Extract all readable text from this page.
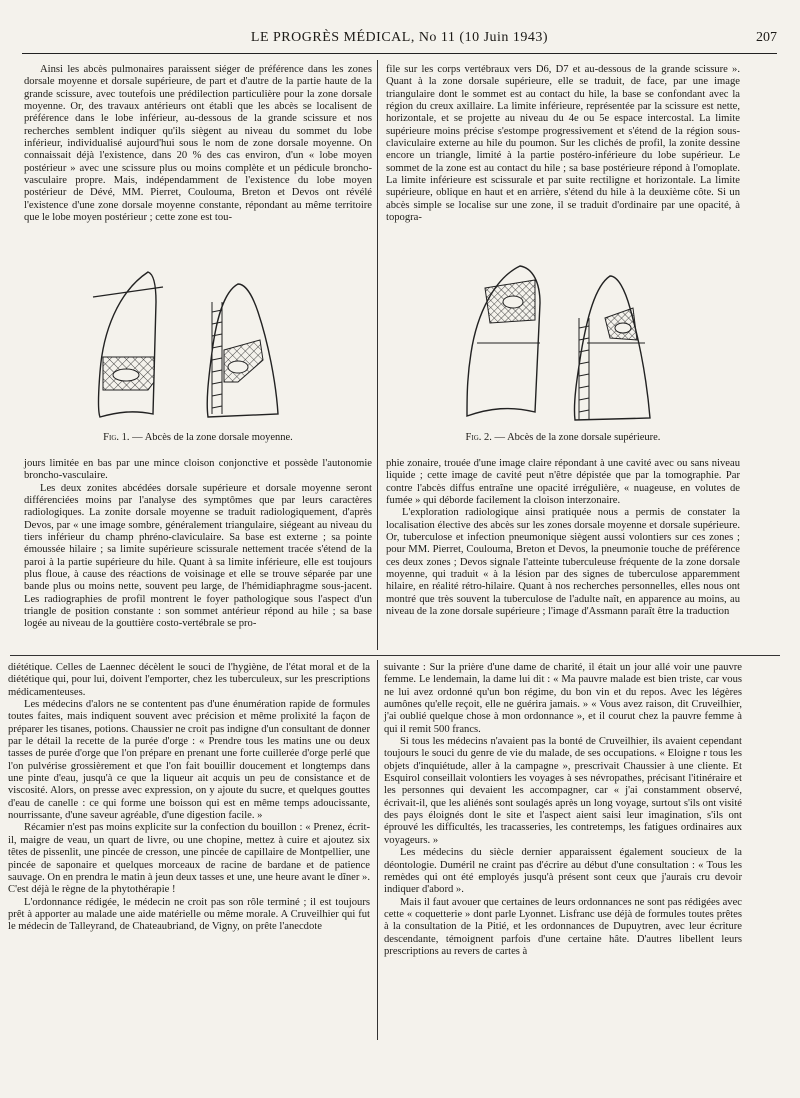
LE PROGRÈS MÉDICAL, No 11 (10 Juin 1943)	207

Ainsi les abcès pulmonaires paraissent siéger de préférence dans les zones dorsale moyenne et dorsale supérieure, de part et d'autre de la partie haute de la grande scissure, avec toutefois une prédilection particulière pour la zone dorsale moyenne. Or, des travaux antérieurs ont établi que les abcès se localisent de préférence dans le lobe inférieur, au-dessous de la grande scissure et nos recherches semblent indiquer qu'ils siègent au niveau du sommet du lobe inférieur, individualisé aujourd'hui sous le nom de zone dorsale moyenne. On connaissait déjà l'existence, dans 20 % des cas environ, d'un « lobe moyen postérieur » avec une scissure plus ou moins complète et un pédicule broncho-vasculaire propre. Mais, indépendamment de l'existence du lobe moyen postérieur de Dévé, MM. Pierret, Coulouma, Breton et Devos ont révélé l'existence d'une zone dorsale moyenne constante, répondant au même territoire que le lobe moyen postérieur ; cette zone est tou-

file sur les corps vertébraux vers D6, D7 et au-dessous de la grande scissure ». Quant à la zone dorsale supérieure, elle se traduit, de face, par une image triangulaire dont le sommet est au contact du hile, la base se confondant avec la région du creux axillaire. La limite inférieure, représentée par la scissure est nette, horizontale, et se projette au niveau du 4e ou 5e espace intercostal. La limite supérieure moins précise s'estompe progressivement et s'étend de la région sous-claviculaire externe au hile du poumon. Sur les clichés de profil, la zonite dessine encore un triangle, limité à la partie postéro-inférieure du lobe supérieur. Le sommet de la zone est au contact du hile ; sa base postérieure répond à l'omoplate. La limite inférieure est scissurale et par suite rectiligne et horizontale. La limite supérieure, oblique en haut et en arrière, s'étend du hile à la deuxième côte. Si un abcès simple se localise sur une zone, il se traduit d'ordinaire par une opacité, à topogra-

Fig. 1. — Abcès de la zone dorsale moyenne.	Fig. 2. — Abcès de la zone dorsale supérieure.

jours limitée en bas par une mince cloison conjonctive et possède l'autonomie broncho-vasculaire.

Les deux zonites abcédées dorsale supérieure et dorsale moyenne seront différenciées moins par l'analyse des symptômes que par leurs caractères radiologiques. La zonite dorsale moyenne se traduit radiologiquement, d'après Devos, par « une image sombre, généralement triangulaire, siégeant au niveau du tiers inférieur du champ phréno-claviculaire. Sa base est externe ; sa pointe émoussée hilaire ; sa limite supérieure scissurale nettement tracée s'étend de la paroi à la partie supérieure du hile. Quant à sa limite inférieure, elle est toujours plus floue, à cause des réactions de voisinage et elle se trouve séparée par une bande plus ou moins nette, souvent peu large, de l'hémidiaphragme sous-jacent. Les radiographies de profil montrent le foyer pathologique sous l'aspect d'un triangle de position constante : son sommet antérieur répond au hile ; sa base logée au niveau de la gouttière costo-vertébrale se pro-

phie zonaire, trouée d'une image claire répondant à une cavité avec ou sans niveau liquide ; cette image de cavité peut n'être dépistée que par la tomographie. Par contre l'abcès diffus entraîne une opacité irrégulière, « nuageuse, en volutes de fumée » qui déborde facilement la cloison interzonaire.

L'exploration radiologique ainsi pratiquée nous a permis de constater la localisation élective des abcès sur les zones dorsale moyenne et dorsale supérieure. Or, tuberculose et infection pneumonique siègent aussi volontiers sur ces zones ; pour MM. Pierret, Coulouma, Breton et Devos, la pneumonie touche de préférence ces deux zones ; Devos signale l'atteinte tuberculeuse fréquente de la zone dorsale moyenne, qui traduit « à la lésion par des signes de tuberculose apparemment hilaire, en réalité rétro-hilaire. Quant à nos recherches personnelles, elles nous ont montré que très souvent la tuberculose de l'adulte naît, en apparence au moins, au niveau de la zone dorsale supérieure ; l'image d'Assmann paraît être la traduction

diététique. Celles de Laennec décèlent le souci de l'hygiène, de l'état moral et de la diététique qui, pour lui, doivent l'emporter, chez les tuberculeux, sur les prescriptions médicamenteuses.

Les médecins d'alors ne se contentent pas d'une énumération rapide de formules toutes faites, mais indiquent souvent avec précision et même prolixité la façon de préparer les tisanes, potions. Chaussier ne croit pas indigne d'un consultant de donner par le détail la recette de la purée d'orge : « Prendre tous les matins une ou deux tasses de purée d'orge que l'on prépare en prenant une forte cuillerée d'orge perlé que l'on pulvérise grossièrement et que l'on fait bouillir doucement et longtemps dans une pinte d'eau, jusqu'à ce que la liqueur ait acquis un peu de consistance et de viscosité. Alors, on presse avec expression, on y ajoute du sucre, et quelques gouttes d'eau de canelle : ce qui forme une boisson qui est en même temps adoucissante, nourrissante, d'une saveur agréable, d'une digestion facile. »

Récamier n'est pas moins explicite sur la confection du bouillon : « Prenez, écrit-il, maigre de veau, un quart de livre, ou une chopine, mettez à cuire et ajoutez six têtes de pissenlit, une pincée de cresson, une pincée de capillaire de Montpellier, une pincée de saponaire et quelques morceaux de racine de bardane et de patience sauvage. On en prendra le matin à jeun deux tasses et une, une heure avant le dîner ». C'est déjà le règne de la phytothérapie !

L'ordonnance rédigée, le médecin ne croit pas son rôle terminé ; il est toujours prêt à apporter au malade une aide matérielle ou même morale. A Cruveilhier qui fut le médecin de Talleyrand, de Chateaubriand, de Vigny, on prête l'anecdote

suivante : Sur la prière d'une dame de charité, il était un jour allé voir une pauvre femme. Le lendemain, la dame lui dit : « Ma pauvre malade est bien triste, car vous ne lui avez ordonné qu'un bon régime, du bon vin et du repos. Avec les légères aumônes qu'elle reçoit, elle ne guérira jamais. » « Vous avez raison, dit Cruveilhier, j'ai oublié quelque chose à mon ordonnance », et il courut chez la pauvre femme à qui il remit 500 francs.

Si tous les médecins n'avaient pas la bonté de Cruveilhier, ils avaient cependant toujours le souci du genre de vie du malade, de ses occupations. « Eloigne r tous les objets d'inquiétude, aller à la campagne », prescrivait Chaussier à une cliente. Et Esquirol conseillait volontiers les voyages à ses névropathes, précisant l'itinéraire et les personnes qui devaient les accompagner, car « j'ai constamment observé, écrivait-il, que les aliénés sont soulagés après un long voyage, surtout s'ils ont visité des pays éloignés dont le site et l'aspect aient saisi leur imagination, s'ils ont éprouvé les difficultés, les tracasseries, les contretemps, les fatigues ordinaires aux voyageurs. »

Les médecins du siècle dernier apparaissent également soucieux de la déontologie. Duméril ne craint pas d'écrire au début d'une consultation : « Tous les remèdes qui ont été employés jusqu'à présent sont ceux que j'aurais cru devoir indiquer d'abord ».

Mais il faut avouer que certaines de leurs ordonnances ne sont pas rédigées avec cette « coquetterie » dont parle Lyonnet. Lisfranc use déjà de formules toutes prêtes à la consultation de la Pitié, et les ordonnances de Dupuytren, avec leur écriture descendante, témoignent parfois d'une certaine hâte. D'autres libellent leurs prescriptions au revers de cartes à
